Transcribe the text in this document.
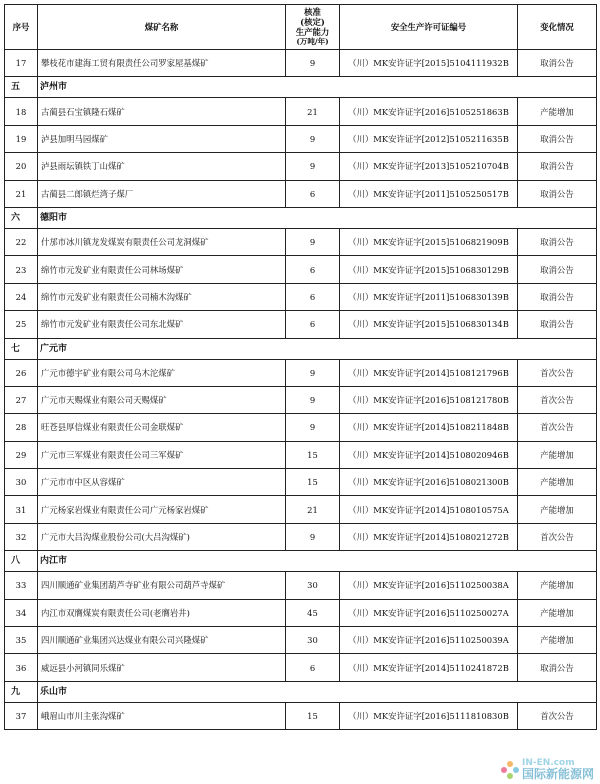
序号	煤矿名称	核准
(核定)
生产能力
(万吨/年)	安全生产许可证编号	变化情况
17	攀枝花市建海工贸有限责任公司罗家屋基煤矿	9	（川）MK安许证字[2015]5104111932B	取消公告
五	泸州市			
18	古蔺县石宝镇隆石煤矿	21	（川）MK安许证字[2016]5105251863B	产能增加
19	泸县加明马园煤矿	9	（川）MK安许证字[2012]5105211635B	取消公告
20	泸县雨坛镇铁丁山煤矿	9	（川）MK安许证字[2013]5105210704B	取消公告
21	古蔺县二郎镇烂湾子煤厂	6	（川）MK安许证字[2011]5105250517B	取消公告
六	德阳市			
22	什邡市冰川镇龙发煤炭有限责任公司龙洞煤矿	9	（川）MK安许证字[2015]5106821909B	取消公告
23	绵竹市元发矿业有限责任公司林场煤矿	6	（川）MK安许证字[2015]5106830129B	取消公告
24	绵竹市元发矿业有限责任公司楠木沟煤矿	6	（川）MK安许证字[2011]5106830139B	取消公告
25	绵竹市元发矿业有限责任公司东北煤矿	6	（川）MK安许证字[2015]5106830134B	取消公告
七	广元市			
26	广元市德宇矿业有限公司乌木沱煤矿	9	（川）MK安许证字[2014]5108121796B	首次公告
27	广元市天赐煤业有限公司天赐煤矿	9	（川）MK安许证字[2016]5108121780B	首次公告
28	旺苍县厚信煤业有限责任公司金联煤矿	9	（川）MK安许证字[2014]5108211848B	首次公告
29	广元市三军煤业有限责任公司三军煤矿	15	（川）MK安许证字[2014]5108020946B	产能增加
30	广元市市中区从容煤矿	15	（川）MK安许证字[2016]5108021300B	产能增加
31	广元杨家岩煤业有限责任公司广元杨家岩煤矿	21	（川）MK安许证字[2014]5108010575A	产能增加
32	广元市大吕沟煤业股份公司(大吕沟煤矿)	9	（川）MK安许证字[2014]5108021272B	首次公告
八	内江市			
33	四川顺通矿业集团葫芦寺矿业有限公司葫芦寺煤矿	30	（川）MK安许证字[2016]5110250038A	产能增加
34	内江市双膺煤炭有限责任公司(老膺岩井)	45	（川）MK安许证字[2016]5110250027A	产能增加
35	四川顺通矿业集团兴达煤业有限公司兴隆煤矿	30	（川）MK安许证字[2016]5110250039A	产能增加
36	威远县小河镇同乐煤矿	6	（川）MK安许证字[2014]5110241872B	取消公告
九	乐山市			
37	峨眉山市川主张沟煤矿	15	（川）MK安许证字[2016]5111810830B	首次公告
IN-EN.com
国际新能源网
